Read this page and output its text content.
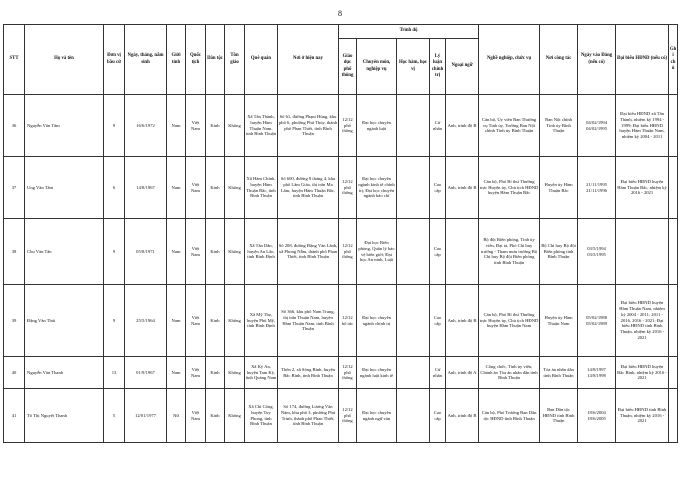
8
STT	Họ và tên	Đơn vị bầu cử	Ngày, tháng, năm sinh	Giới tính	Quốc tịch	Dân tộc	Tôn giáo	Quê quán	Nơi ở hiện nay	Trình độ					Nghề nghiệp, chức vụ	Nơi công tác	Ngày vào Đảng (nếu có)	Đại biểu HĐND (nếu có)	Ghi chú
										Giáo dục phổ thông	Chuyên môn, nghiệp vụ	Học hàm, học vị	Lý luận chính trị	Ngoại ngữ					
36	Nguyễn Văn Tâm	9	16/6/1972	Nam	Việt Nam	Kinh	Không	Xã Tân Thành, huyện Hàm Thuận Nam, tỉnh Bình Thuận	Số 61, đường Phạm Hùng, khu phố 6, phường Phú Thủy, thành phố Phan Thiết, tỉnh Bình Thuận	12/12 phổ thông	Đại học chuyên ngành luật		Cử nhân	Anh, trình độ B	Cán bộ, Ủy viên Ban Thường vụ Tỉnh ủy, Trưởng Ban Nội chính Tỉnh ủy Bình Thuận	Ban Nội chính Tỉnh ủy Bình Thuận	04/02/1994 04/02/1995	Đại biểu HĐND xã Tân Thành, nhiệm kỳ 1994 - 1999; Đại biểu HĐND huyện Hàm Thuận Nam, nhiệm kỳ 2004 - 2011	
37	Ung Văn Tâm	6	14/8/1967	Nam	Việt Nam	Kinh	Không	Xã Hàm Chính, huyện Hàm Thuận Bắc, tỉnh Bình Thuận	Số 600, đường 8 tháng 4, khu phố Lâm Giáo, thị trấn Ma Lâm, huyện Hàm Thuận Bắc, tỉnh Bình Thuận	12/12 phổ thông	Đại học chuyên ngành kinh tế chính trị; Đại học chuyên ngành báo chí		Cao cấp	Anh, trình độ B	Cán bộ, Phó Bí thư Thường trực Huyện ủy, Chủ tịch HĐND huyện Hàm Thuận Bắc	Huyện ủy Hàm Thuận Bắc	21/11/1995 21/11/1996	Đại biểu HĐND huyện Hàm Thuận Bắc, nhiệm kỳ 2016 - 2021	
38	Chu Văn Tấn	9	05/8/1971	Nam	Việt Nam	Kinh	Không	Xã Tân Dân, huyện An Lão, tỉnh Bình Định	Số 208, đường Đặng Văn Lãnh, xã Phong Nẫm, thành phố Phan Thiết, tỉnh Bình Thuận	12/12 phổ thông	Đại học Biên phòng, Quân lý bảo vệ biên giới; Đại học An ninh, Luật		Cao cấp		Bộ đội Biên phòng, Tỉnh ủy viên, Đại tá, Phó Chỉ huy trưởng - Tham mưu trưởng Bộ Chỉ huy Bộ đội Biên phòng tỉnh Bình Thuận	Bộ Chỉ huy Bộ đội Biên phòng tỉnh Bình Thuận	03/5/1994 03/5/1995		
39	Đặng Văn Thái	9	25/5/1964	Nam	Việt Nam	Kinh	Không	Xã Mỹ Thọ, huyện Phù Mỹ, tỉnh Bình Định	Số 366, khu phố Nam Trung, thị trấn Thuận Nam, huyện Hàm Thuận Nam, tỉnh Bình Thuận	12/12 bổ túc	Đại học chuyên ngành chính trị		Cao cấp	Anh, trình độ B	Cán bộ, Phó Bí thư Thường trực Huyện ủy, Chủ tịch HĐND huyện Hàm Thuận Nam	Huyện ủy Hàm Thuận Nam	05/02/1988 05/02/1989	Đại biểu HĐND huyện Hàm Thuận Nam, nhiệm kỳ 2004 - 2011; 2011 - 2016, 2016 - 2021; Đại biểu HĐND tỉnh Bình Thuận, nhiệm kỳ 2016 - 2021	
40	Nguyễn Văn Thanh	13	01/9/1967	Nam	Việt Nam	Kinh	Không	Xã Kỳ An, huyện Tam Kỳ, tỉnh Quảng Nam	Thôn 2, xã Sông Bình, huyện Bắc Bình, tỉnh Bình Thuận	12/12 phổ thông	Đại học chuyên ngành luật kinh tế		Cử nhân	Anh, trình độ A	Công chức, Tỉnh ủy viên, Chánh án Tòa án nhân dân tỉnh Bình Thuận	Tòa án nhân dân tỉnh Bình Thuận	14/8/1997 14/8/1998	Đại biểu HĐND huyện Bắc Bình, nhiệm kỳ 2016 - 2021	
41	Tô Thị Nguyệt Thanh	5	12/01/1977	Nữ	Việt Nam	Kinh	Không	Xã Chí Công, huyện Tuy Phong, tỉnh Bình Thuận	Số 174, đường Lương Văn Năm, khu phố 3, phường Phú Trinh, thành phố Phan Thiết, tỉnh Bình Thuận	12/12 phổ thông	Đại học chuyên ngành ngữ văn		Cao cấp	Anh, trình độ B	Cán bộ, Phó Trưởng Ban Dân tộc HĐND tỉnh Bình Thuận	Ban Dân tộc HĐND tỉnh Bình Thuận	18/6/2004 18/6/2005	Đại biểu HĐND tỉnh Bình Thuận, nhiệm kỳ 2016 - 2021	
